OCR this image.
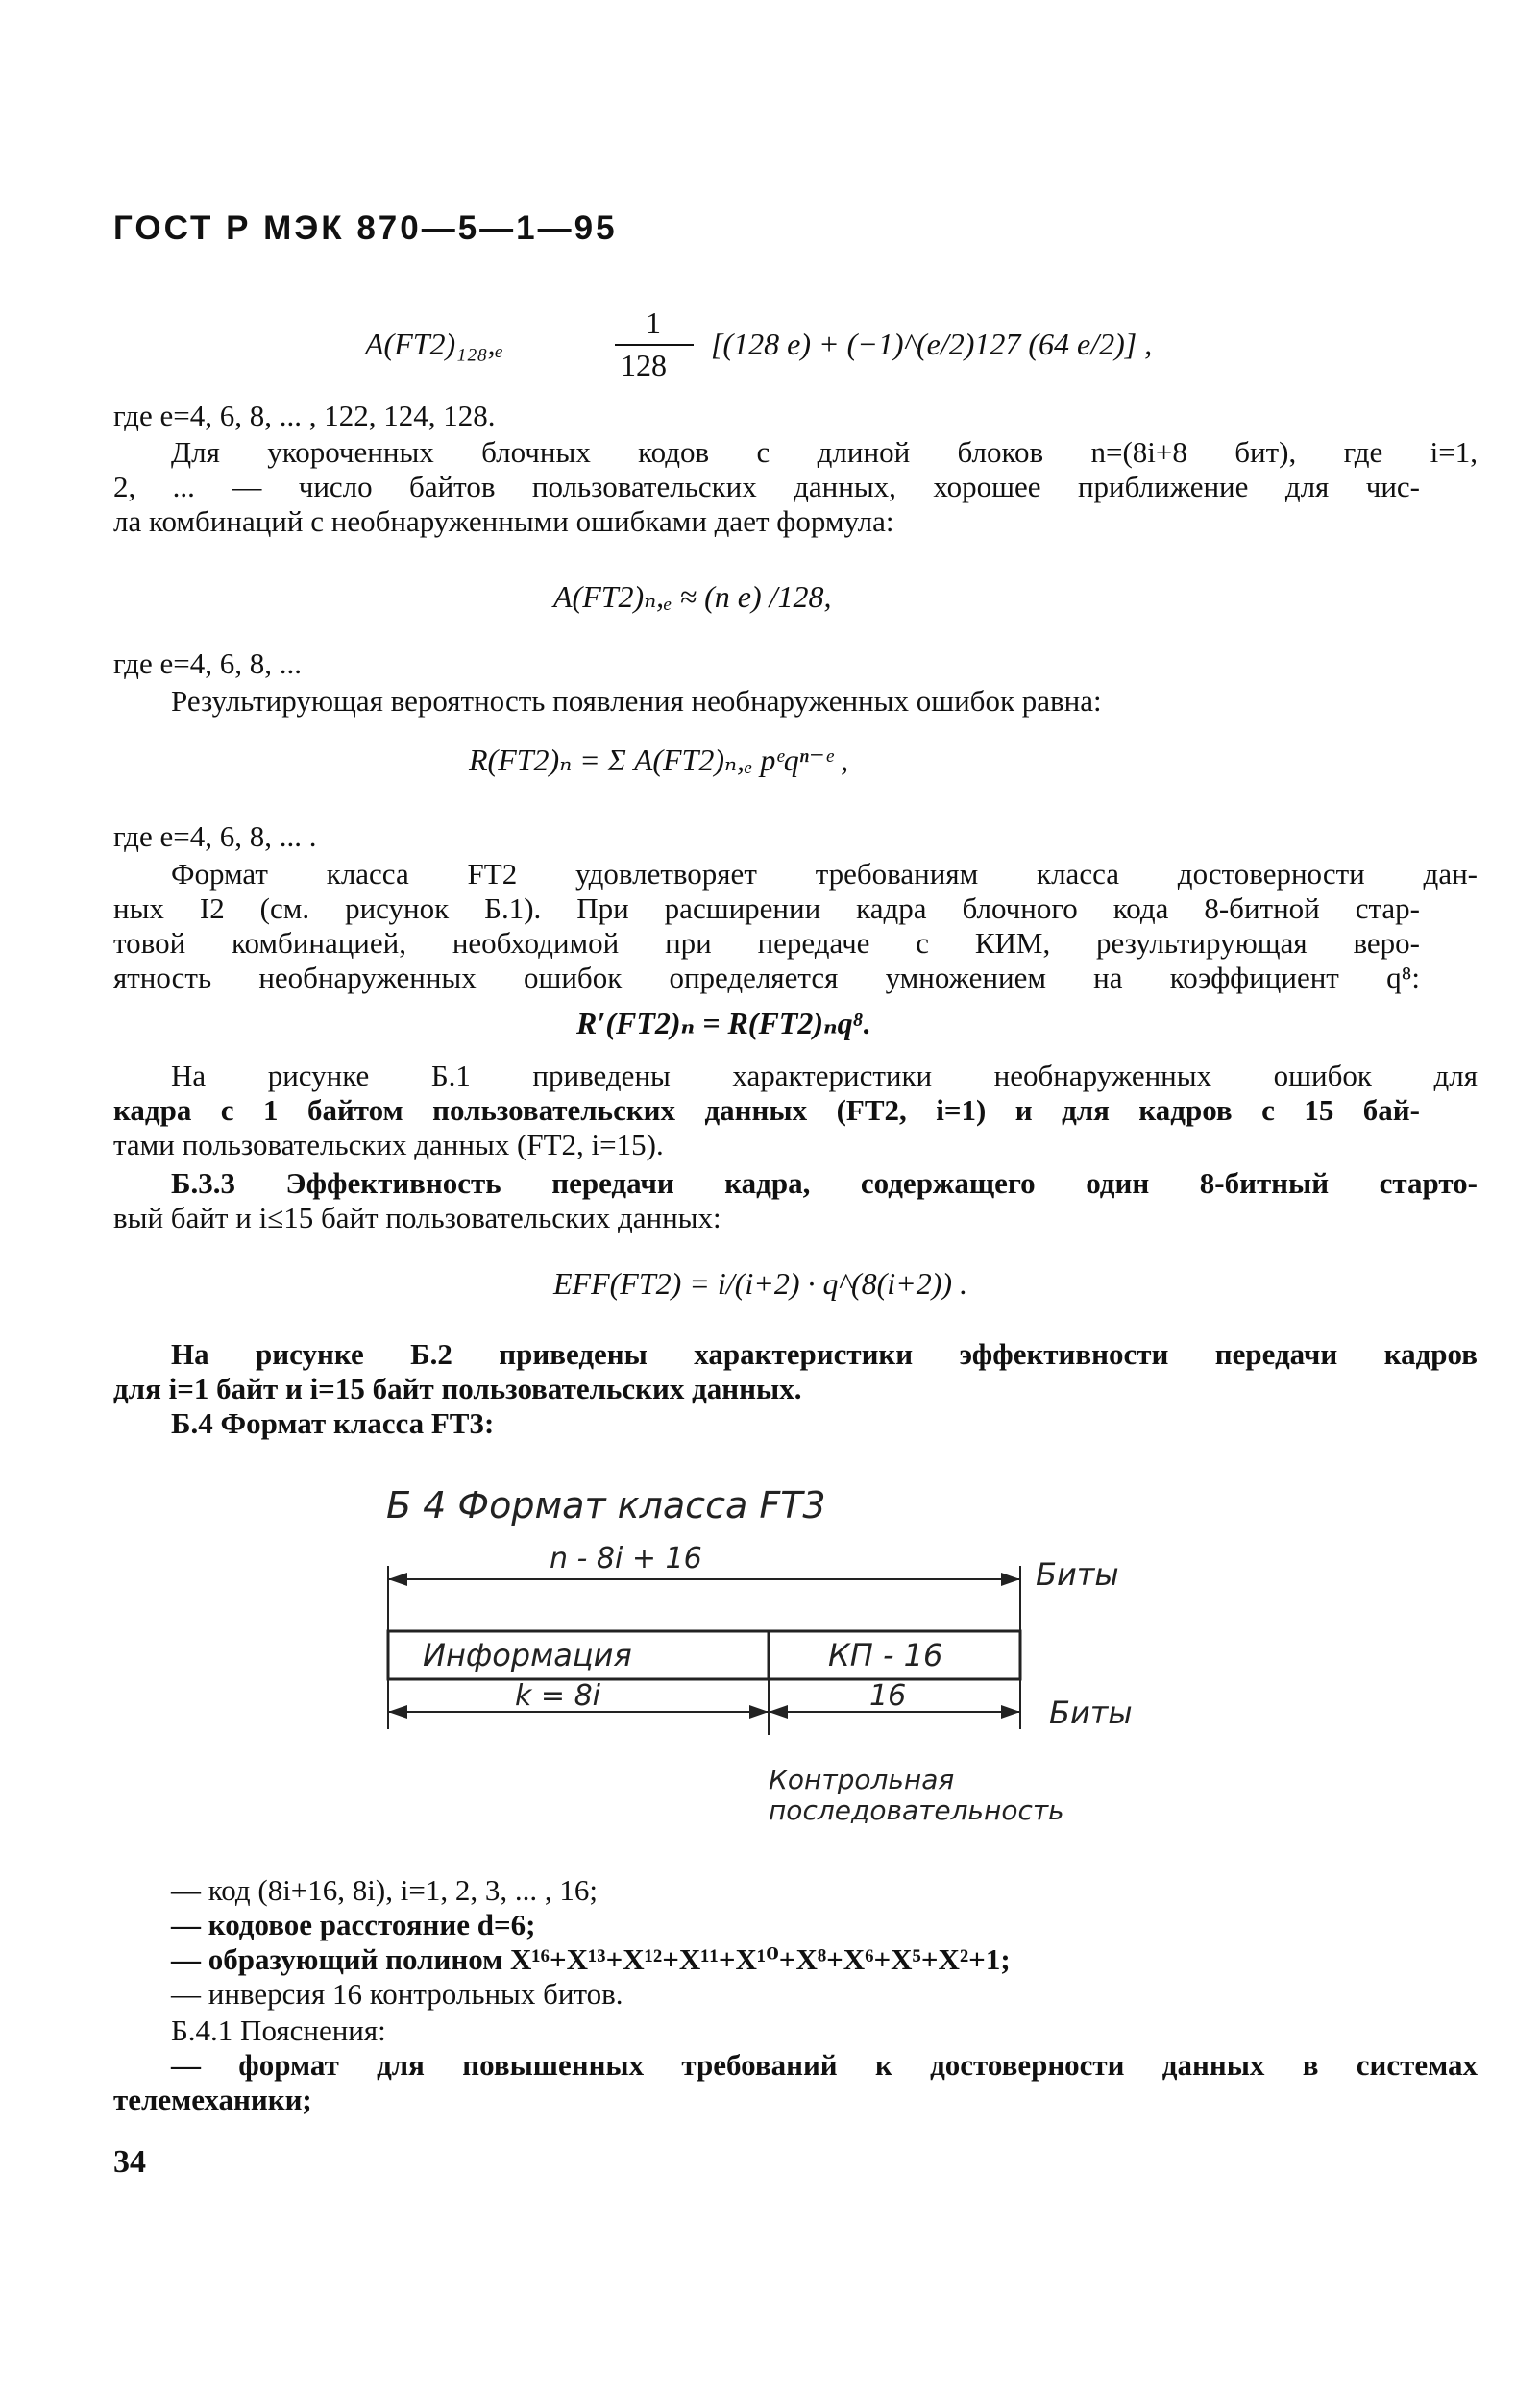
ГОСТ Р МЭК 870—5—1—95
A(FT2)₁₂₈,ₑ
1
128
[(128 e) + (−1)^(e/2)127 (64 e/2)] ,
где e=4, 6, 8, ... , 122, 124, 128.
Для укороченных блочных кодов с длиной блоков n=(8i+8 бит), где i=1,
2, ... — число байтов пользовательских данных, хорошее приближение для чис-
ла комбинаций с необнаруженными ошибками дает формула:
A(FT2)ₙ,ₑ ≈ (n e) /128,
где e=4, 6, 8, ...
Результирующая вероятность появления необнаруженных ошибок равна:
R(FT2)ₙ = Σ A(FT2)ₙ,ₑ pᵉqⁿ⁻ᵉ ,
где e=4, 6, 8, ... .
Формат класса FT2 удовлетворяет требованиям класса достоверности дан-
ных I2 (см. рисунок Б.1). При расширении кадра блочного кода 8-битной стар-
товой комбинацией, необходимой при передаче с КИМ, результирующая веро-
ятность необнаруженных ошибок определяется умножением на коэффициент q⁸:
R′(FT2)ₙ = R(FT2)ₙq⁸.
На рисунке Б.1 приведены характеристики необнаруженных ошибок для
кадра с 1 байтом пользовательских данных (FT2, i=1) и для кадров с 15 бай-
тами пользовательских данных (FT2, i=15).
Б.3.3 Эффективность передачи кадра, содержащего один 8-битный старто-
вый байт и i≤15 байт пользовательских данных:
EFF(FT2) = i/(i+2) · q^(8(i+2)) .
На рисунке Б.2 приведены характеристики эффективности передачи кадров
для i=1 байт и i=15 байт пользовательских данных.
Б.4 Формат класса FT3:
Б 4 Формат класса FT3
n - 8i + 16	Биты
Информация	КП - 16
k = 8i	16	Биты
Контрольная
последовательность
— код (8i+16, 8i), i=1, 2, 3, ... , 16;
— кодовое расстояние d=6;
— образующий полином X¹⁶+X¹³+X¹²+X¹¹+X¹⁰+X⁸+X⁶+X⁵+X²+1;
— инверсия 16 контрольных битов.
Б.4.1 Пояснения:
— формат для повышенных требований к достоверности данных в системах
телемеханики;
34
